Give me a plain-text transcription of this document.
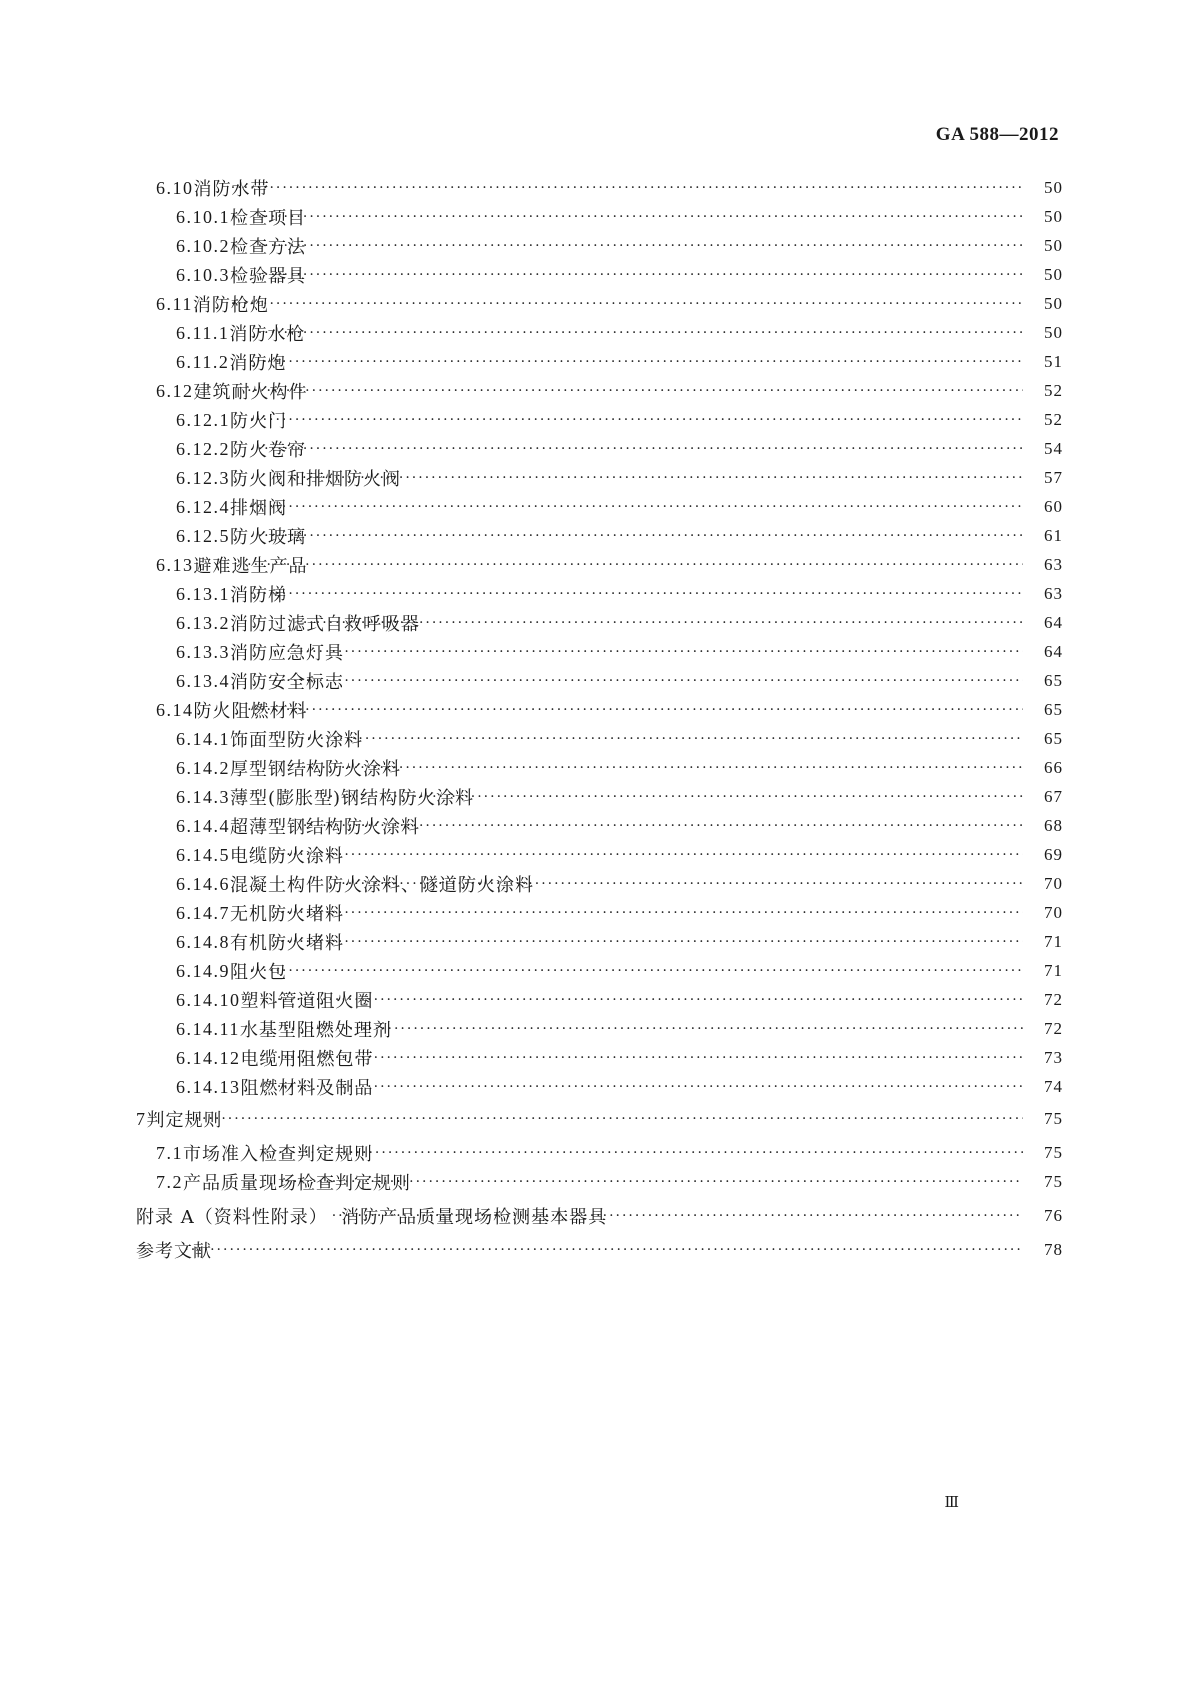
GA 588—2012
6.10 消防水带 ·····	50
6.10.1 检查项目 ·····	50
6.10.2 检查方法 ·····	50
6.10.3 检验器具 ·····	50
6.11 消防枪炮 ·····	50
6.11.1 消防水枪 ·····	50
6.11.2 消防炮 ·····	51
6.12 建筑耐火构件 ·····	52
6.12.1 防火门 ·····	52
6.12.2 防火卷帘 ·····	54
6.12.3 防火阀和排烟防火阀 ·····	57
6.12.4 排烟阀 ·····	60
6.12.5 防火玻璃 ·····	61
6.13 避难逃生产品 ·····	63
6.13.1 消防梯 ·····	63
6.13.2 消防过滤式自救呼吸器 ·····	64
6.13.3 消防应急灯具 ·····	64
6.13.4 消防安全标志 ·····	65
6.14 防火阻燃材料 ·····	65
6.14.1 饰面型防火涂料 ·····	65
6.14.2 厚型钢结构防火涂料 ·····	66
6.14.3 薄型(膨胀型)钢结构防火涂料 ·····	67
6.14.4 超薄型钢结构防火涂料 ·····	68
6.14.5 电缆防火涂料 ·····	69
6.14.6 混凝土构件防火涂料、隧道防火涂料 ·····	70
6.14.7 无机防火堵料 ·····	70
6.14.8 有机防火堵料 ·····	71
6.14.9 阻火包 ·····	71
6.14.10 塑料管道阻火圈 ·····	72
6.14.11 水基型阻燃处理剂 ·····	72
6.14.12 电缆用阻燃包带 ·····	73
6.14.13 阻燃材料及制品 ·····	74
7 判定规则 ·····	75
7.1 市场准入检查判定规则 ·····	75
7.2 产品质量现场检查判定规则 ·····	75
附录 A（资料性附录）  消防产品质量现场检测基本器具 ·····	76
参考文献 ·····	78
Ⅲ
